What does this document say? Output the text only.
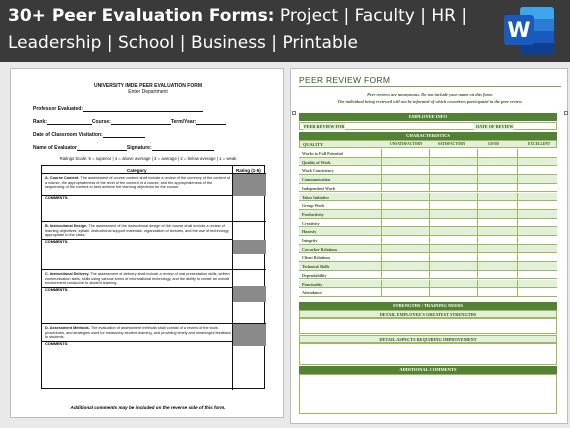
30+ Peer Evaluation Forms: Project | Faculty | HR |
Leadership | School | Business | Printable
W
UNIVERSITY IMDE PEER EVALUATION FORM
Enter Department
Professor Evaluated:
Rank:	Course:	Term/Year:
Date of Classroom Visitation:
Name of Evaluator	Signature:
Ratings Scale: 5 = superior | 4 = above average | 3 = average | 2 = below average | 1 = weak
Category	Rating (1-5)
A. Course Content. The assessment of course content shall include a review of the currency of the content of a course, the appropriateness of the level of the content of a course, and the appropriateness of the sequencing of the content to best achieve the learning objectives for the course.
COMMENTS:
B. Instructional Design. The assessment of the instructional design of the course shall include a review of learning objectives, syllabi, instructional support materials, organization of lectures, and the use of technology appropriate to the class.
COMMENTS:
C. Instructional Delivery. The assessment of delivery shall include a review of oral presentation skills, written communication skills, skills using various forms of informational technology, and the ability to create an overall environment conducive to student learning.
COMMENTS:
D. Assessment Methods. The evaluation of assessment methods shall consist of a review of the tools, procedures, and strategies used for measuring student learning, and providing timely and meaningful feedback to students.
COMMENTS:
Additional comments may be included on the reverse side of this form.
PEER REVIEW FORM
Peer reviews are anonymous. Do not include your name on this form.
The individual being reviewed will not be informed of which coworkers participated in the peer review.
EMPLOYEE INFO
PEER REVIEW FOR	DATE OF REVIEW
CHARACTERISTICS
QUALITY	UNSATISFACTORY	SATISFACTORY	GOOD	EXCELLENT
Works to Full Potential
Quality of Work
Work Consistency
Communication
Independent Work
Takes Initiative
Group Work
Productivity
Creativity
Honesty
Integrity
Coworker Relations
Client Relations
Technical Skills
Dependability
Punctuality
Attendance
STRENGTHS / TRAINING NEEDS
DETAIL EMPLOYEE'S GREATEST STRENGTHS
DETAIL ASPECTS REQUIRING IMPROVEMENT
ADDITIONAL COMMENTS
